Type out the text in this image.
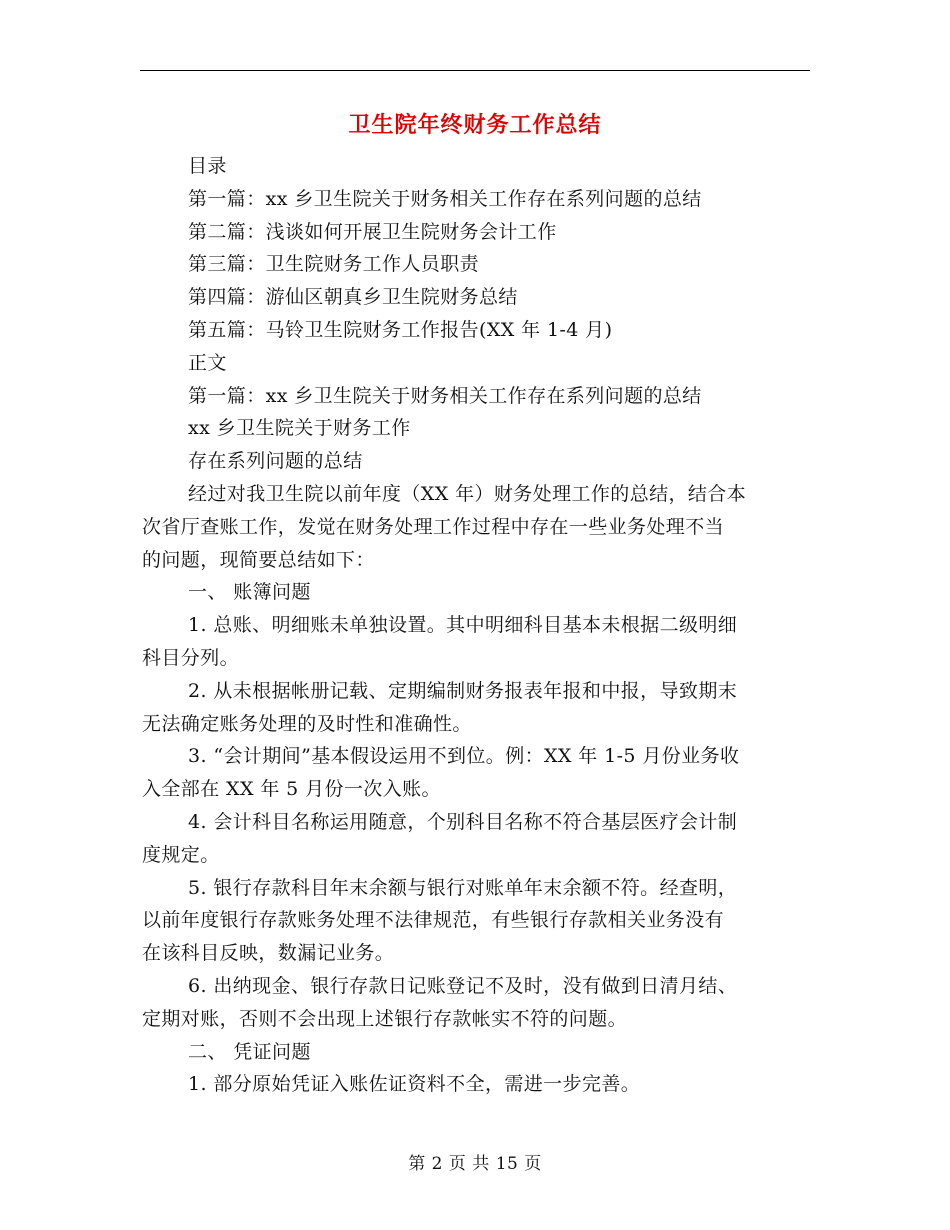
卫生院年终财务工作总结

目录

第一篇：xx 乡卫生院关于财务相关工作存在系列问题的总结

第二篇：浅谈如何开展卫生院财务会计工作

第三篇：卫生院财务工作人员职责

第四篇：游仙区朝真乡卫生院财务总结

第五篇：马铃卫生院财务工作报告(XX 年 1-4 月)

正文

第一篇：xx 乡卫生院关于财务相关工作存在系列问题的总结

xx 乡卫生院关于财务工作

存在系列问题的总结

经过对我卫生院以前年度（XX 年）财务处理工作的总结，结合本

次省厅查账工作，发觉在财务处理工作过程中存在一些业务处理不当

的问题，现简要总结如下：

一、 账簿问题

1. 总账、明细账未单独设置。其中明细科目基本未根据二级明细

科目分列。

2. 从未根据帐册记载、定期编制财务报表年报和中报，导致期末

无法确定账务处理的及时性和准确性。

3. “会计期间”基本假设运用不到位。例：XX 年 1-5 月份业务收

入全部在 XX 年 5 月份一次入账。

4. 会计科目名称运用随意，个别科目名称不符合基层医疗会计制

度规定。

5. 银行存款科目年末余额与银行对账单年末余额不符。经查明，

以前年度银行存款账务处理不法律规范，有些银行存款相关业务没有

在该科目反映，数漏记业务。

6. 出纳现金、银行存款日记账登记不及时，没有做到日清月结、

定期对账，否则不会出现上述银行存款帐实不符的问题。

二、 凭证问题

1. 部分原始凭证入账佐证资料不全，需进一步完善。

第 2 页 共 15 页
